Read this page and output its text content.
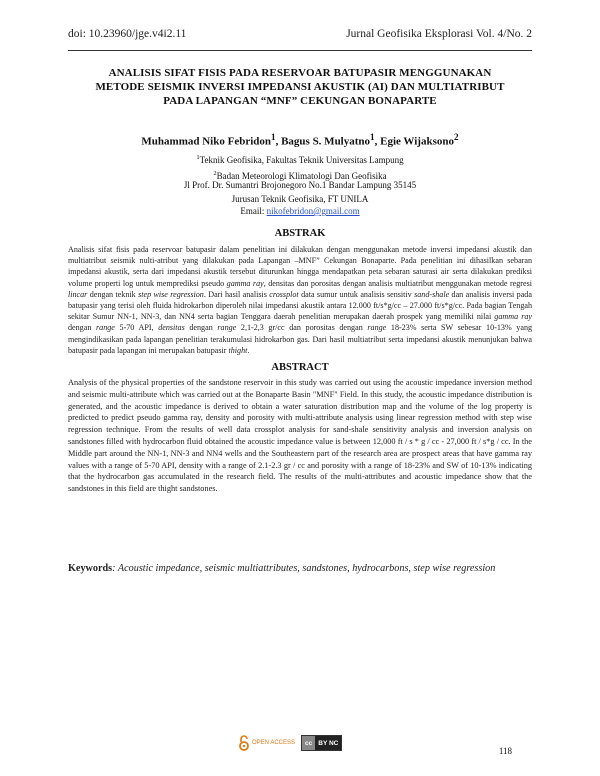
doi: 10.23960/jge.v4i2.11	Jurnal Geofisika Eksplorasi Vol. 4/No. 2
ANALISIS SIFAT FISIS PADA RESERVOAR BATUPASIR MENGGUNAKAN
METODE SEISMIK INVERSI IMPEDANSI AKUSTIK (AI) DAN MULTIATRIBUT
PADA LAPANGAN “MNF” CEKUNGAN BONAPARTE
Muhammad Niko Febridon$^1$, Bagus S. Mulyatno$^1$, Egie Wijaksono$^2$
$^1$Teknik Geofisika, Fakultas Teknik Universitas Lampung
$^2$Badan Meteorologi Klimatologi Dan Geofisika
Jl Prof. Dr. Sumantri Brojonegoro No.1 Bandar Lampung 35145
Jurusan Teknik Geofisika, FT UNILA
Email: nikofebridon@gmail.com
ABSTRAK
Analisis sifat fisis pada reservoar batupasir dalam penelitian ini dilakukan dengan menggunakan metode inversi impedansi akustik dan multiatribut seismik nulti-atribut yang dilakukan pada Lapangan –MNF” Cekungan Bonaparte. Pada penelitian ini dihasilkan sebaran impedansi akustik, serta dari impedansi akustik tersebut diturunkan hingga mendapatkan peta sebaran saturasi air serta dilakukan prediksi volume properti log untuk memprediksi pseudo gamma ray, densitas dan porositas dengan analisis multiatribut menggunakan metode regresi lincar dengan teknik step wise regression. Dari hasil analisis crossplot data sumur untuk analisis sensitiv sand-shale dan analisis inversi pada batupasir yang terisi oleh fluida hidrokarbon diperoleh nilai impedansi akustik antara 12.000 ft/s*g/cc – 27.000 ft/s*g/cc. Pada bagian Tengah sekitar Sumur NN-1, NN-3, dan NN4 serta bagian Tenggara daerah penelitian merupakan daerah prospek yang memiliki nilai gamma ray dengan range 5-70 API, densitas dengan range 2,1-2,3 gr/cc dan porositas dengan range 18-23% serta SW sebesar 10-13% yang mengindikasikan pada lapangan penelitian terakumulasi hidrokarbon gas. Dari hasil multiatribut serta impedansi akustik menunjukan bahwa batupasir pada lapangan ini merupakan batupasir thight.
ABSTRACT
Analysis of the physical properties of the sandstone reservoir in this study was carried out using the acoustic impedance inversion method and seismic multi-attribute which was carried out at the Bonaparte Basin "MNF" Field. In this study, the acoustic impedance distribution is generated, and the acoustic impedance is derived to obtain a water saturation distribution map and the volume of the log property is predicted to predict pseudo gamma ray, density and porosity with multi-attribute analysis using linear regression method with step wise regression technique. From the results of well data crossplot analysis for sand-shale sensitivity analysis and inversion analysis on sandstones filled with hydrocarbon fluid obtained the acoustic impedance value is between 12,000 ft / s * g / cc - 27,000 ft / s*g / cc. In the Middle part around the NN-1, NN-3 and NN4 wells and the Southeastern part of the research area are prospect areas that have gamma ray values with a range of 5-70 API, density with a range of 2.1-2.3 gr / cc and porosity with a range of 18-23% and SW of 10-13% indicating that the hydrocarbon gas accumulated in the research field. The results of the multi-attributes and acoustic impedance show that the sandstones in this field are thight sandstones.
Keywords: Acoustic impedance, seismic multiattributes, sandstones, hydrocarbons, step wise regression
OPEN ACCESS	cc BY NC
118
